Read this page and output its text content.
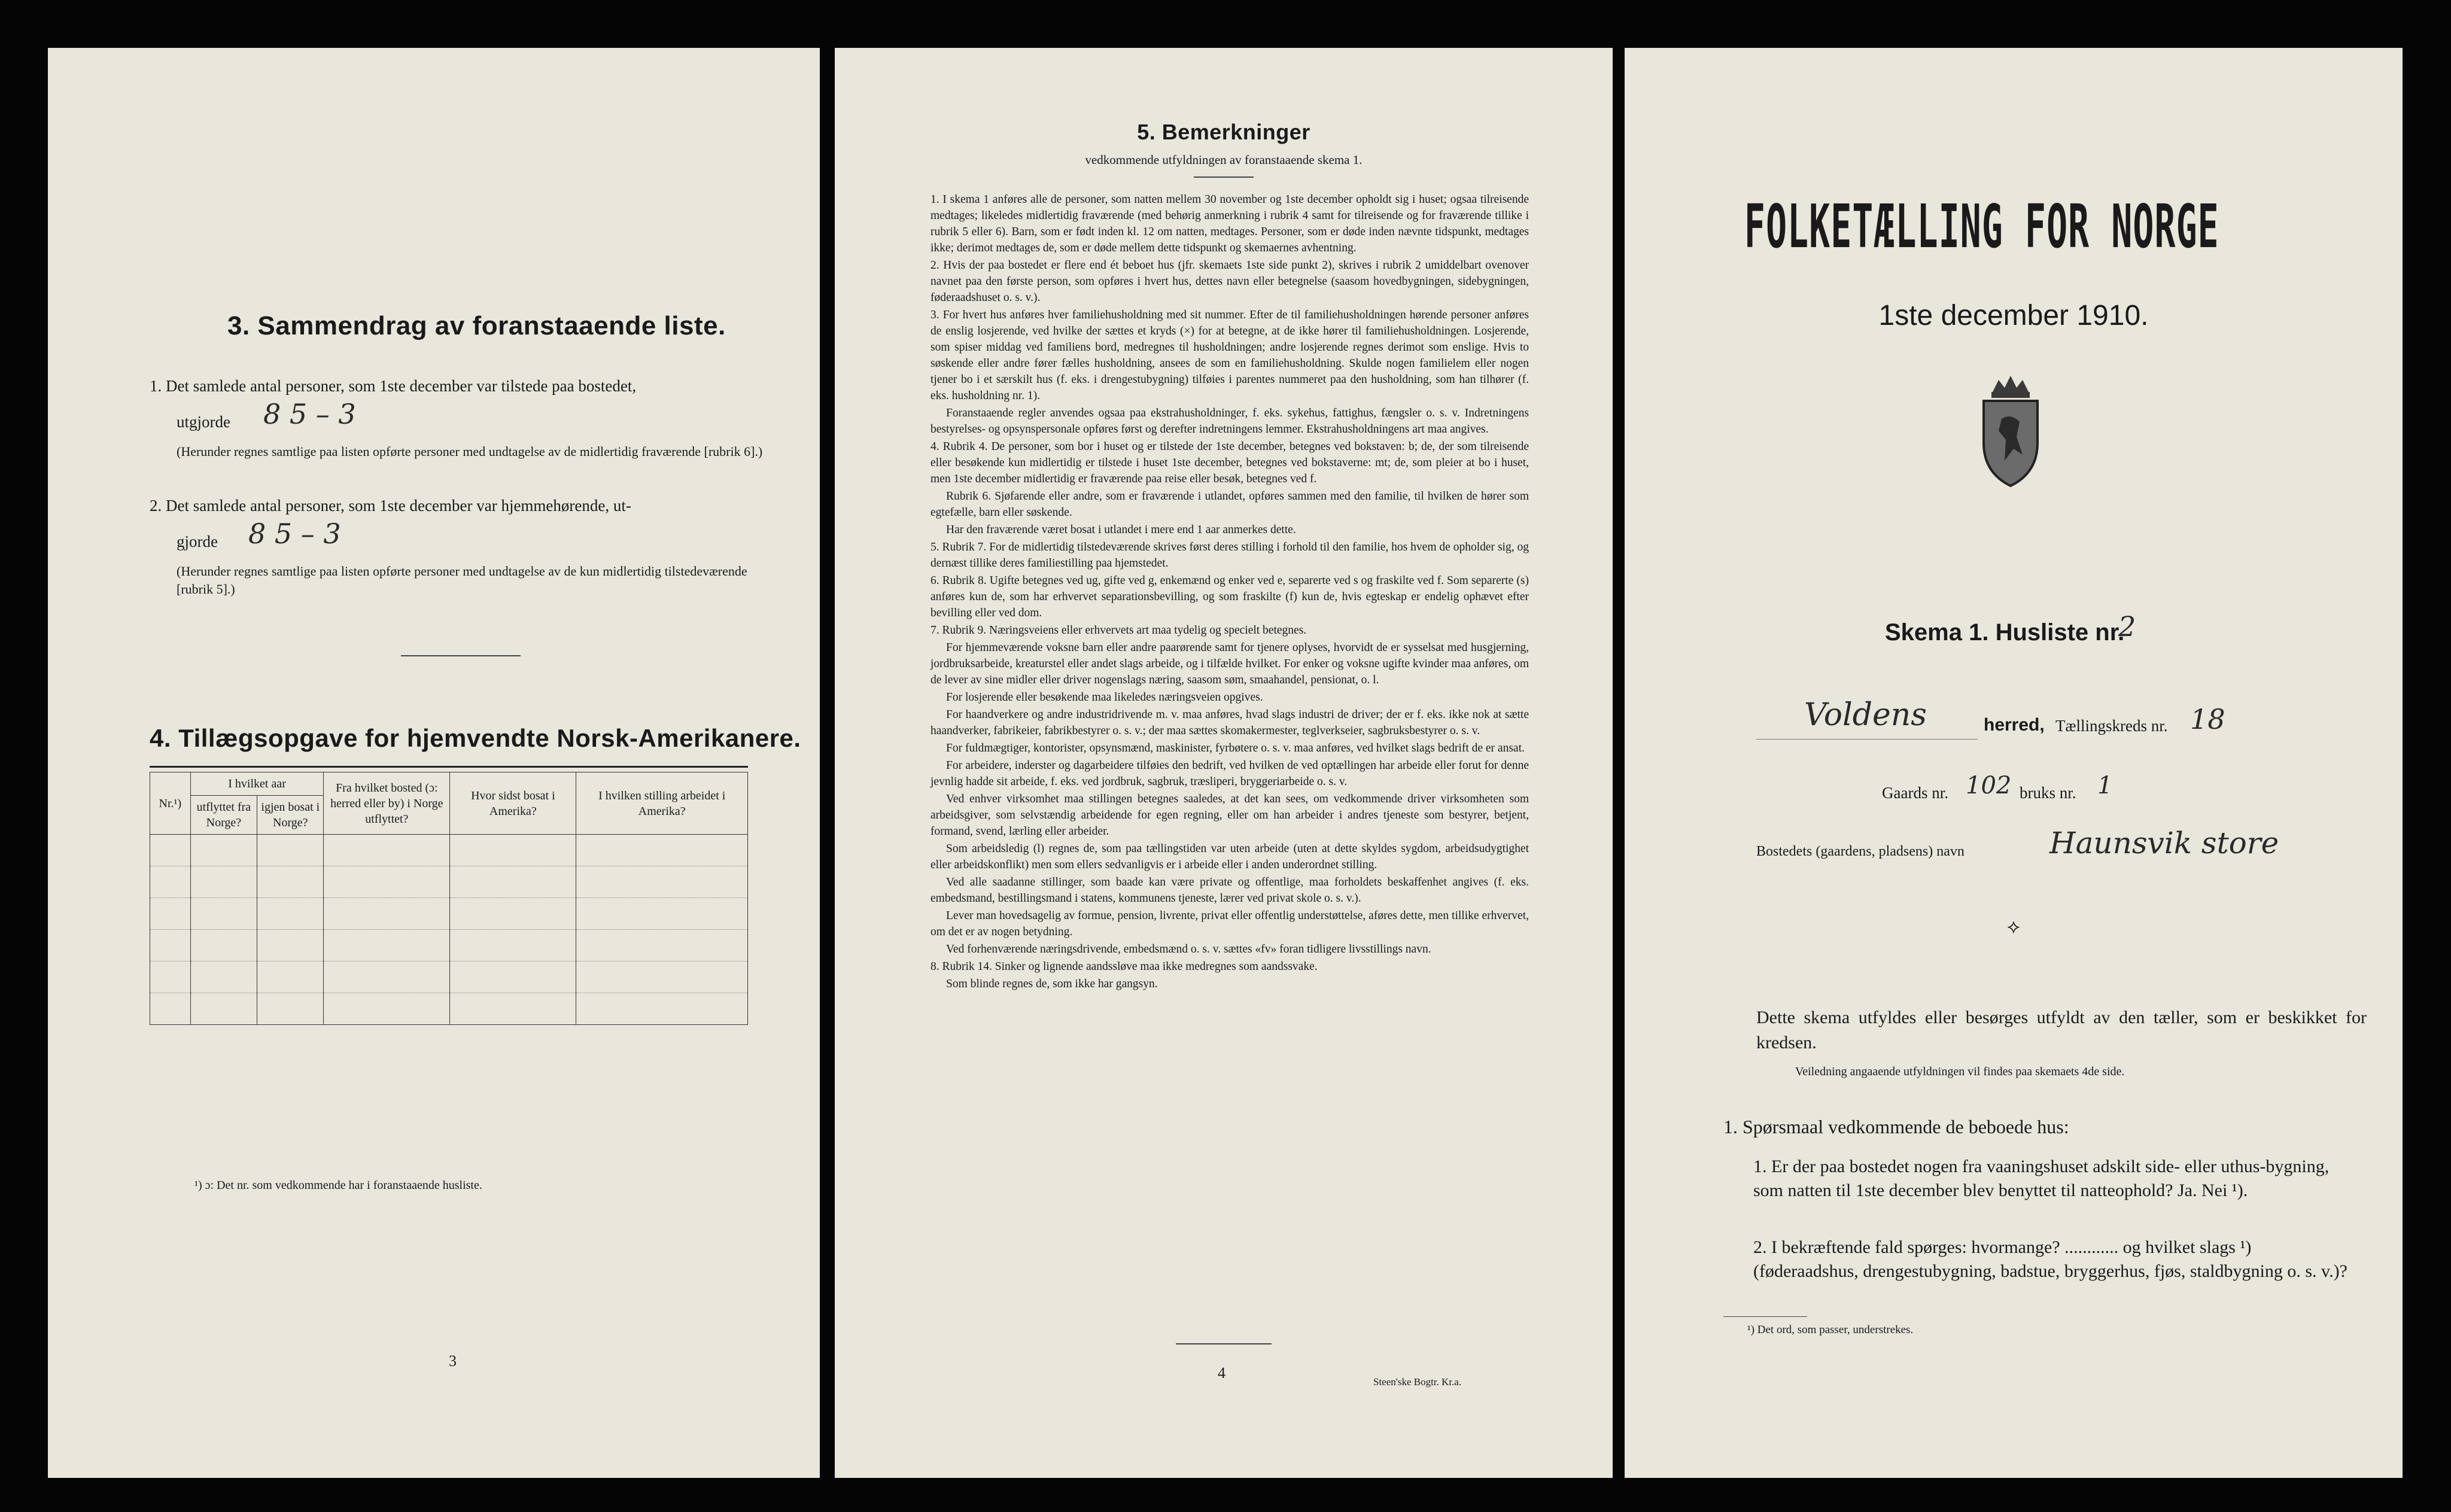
3. Sammendrag av foranstaaende liste.
1. Det samlede antal personer, som 1ste december var tilstede paa bostedet,
utgjorde 8 5 – 3
(Herunder regnes samtlige paa listen opførte personer med undtagelse av de midlertidig fraværende [rubrik 6].)
2. Det samlede antal personer, som 1ste december var hjemmehørende, ut-
gjorde 8 5 – 3
(Herunder regnes samtlige paa listen opførte personer med undtagelse av de kun midlertidig tilstedeværende [rubrik 5].)
4. Tillægsopgave for hjemvendte Norsk-Amerikanere.
Nr.¹)	I hvilket aar		Fra hvilket bosted (ɔ: herred eller by) i Norge utflyttet?	Hvor sidst bosat i Amerika?	I hvilken stilling arbeidet i Amerika?
	utflyttet fra Norge?	igjen bosat i Norge?			

¹) ɔ: Det nr. som vedkommende har i foranstaaende husliste.
3
5. Bemerkninger
vedkommende utfyldningen av foranstaaende skema 1.

1. I skema 1 anføres alle de personer, som natten mellem 30 november og 1ste december opholdt sig i huset; ogsaa tilreisende medtages; likeledes midlertidig fraværende (med behørig anmerkning i rubrik 4 samt for tilreisende og for fraværende tillike i rubrik 5 eller 6). Barn, som er født inden kl. 12 om natten, medtages. Personer, som er døde inden nævnte tidspunkt, medtages ikke; derimot medtages de, som er døde mellem dette tidspunkt og skemaernes avhentning.

2. Hvis der paa bostedet er flere end ét beboet hus (jfr. skemaets 1ste side punkt 2), skrives i rubrik 2 umiddelbart ovenover navnet paa den første person, som opføres i hvert hus, dettes navn eller betegnelse (saasom hovedbygningen, sidebygningen, føderaadshuset o. s. v.).

3. For hvert hus anføres hver familiehusholdning med sit nummer. Efter de til familiehusholdningen hørende personer anføres de enslig losjerende, ved hvilke der sættes et kryds (×) for at betegne, at de ikke hører til familiehusholdningen. Losjerende, som spiser middag ved familiens bord, medregnes til husholdningen; andre losjerende regnes derimot som enslige. Hvis to søskende eller andre fører fælles husholdning, ansees de som en familiehusholdning. Skulde nogen familielem eller nogen tjener bo i et særskilt hus (f. eks. i drengestubygning) tilføies i parentes nummeret paa den husholdning, som han tilhører (f. eks. husholdning nr. 1).

Foranstaaende regler anvendes ogsaa paa ekstrahusholdninger, f. eks. sykehus, fattighus, fængsler o. s. v. Indretningens bestyrelses- og opsynspersonale opføres først og derefter indretningens lemmer. Ekstrahusholdningens art maa angives.

4. Rubrik 4. De personer, som bor i huset og er tilstede der 1ste december, betegnes ved bokstaven: b; de, der som tilreisende eller besøkende kun midlertidig er tilstede i huset 1ste december, betegnes ved bokstaverne: mt; de, som pleier at bo i huset, men 1ste december midlertidig er fraværende paa reise eller besøk, betegnes ved f.

Rubrik 6. Sjøfarende eller andre, som er fraværende i utlandet, opføres sammen med den familie, til hvilken de hører som egtefælle, barn eller søskende.

Har den fraværende været bosat i utlandet i mere end 1 aar anmerkes dette.

5. Rubrik 7. For de midlertidig tilstedeværende skrives først deres stilling i forhold til den familie, hos hvem de opholder sig, og dernæst tillike deres familiestilling paa hjemstedet.

6. Rubrik 8. Ugifte betegnes ved ug, gifte ved g, enkemænd og enker ved e, separerte ved s og fraskilte ved f. Som separerte (s) anføres kun de, som har erhvervet separationsbevilling, og som fraskilte (f) kun de, hvis egteskap er endelig ophævet efter bevilling eller ved dom.

7. Rubrik 9. Næringsveiens eller erhvervets art maa tydelig og specielt betegnes.

For hjemmeværende voksne barn eller andre paarørende samt for tjenere oplyses, hvorvidt de er sysselsat med husgjerning, jordbruksarbeide, kreaturstel eller andet slags arbeide, og i tilfælde hvilket. For enker og voksne ugifte kvinder maa anføres, om de lever av sine midler eller driver nogenslags næring, saasom søm, smaahandel, pensionat, o. l.

For losjerende eller besøkende maa likeledes næringsveien opgives.

For haandverkere og andre industridrivende m. v. maa anføres, hvad slags industri de driver; der er f. eks. ikke nok at sætte haandverker, fabrikeier, fabrikbestyrer o. s. v.; der maa sættes skomakermester, teglverkseier, sagbruksbestyrer o. s. v.

For fuldmægtiger, kontorister, opsynsmænd, maskinister, fyrbøtere o. s. v. maa anføres, ved hvilket slags bedrift de er ansat.

For arbeidere, inderster og dagarbeidere tilføies den bedrift, ved hvilken de ved optællingen har arbeide eller forut for denne jevnlig hadde sit arbeide, f. eks. ved jordbruk, sagbruk, træsliperi, bryggeriarbeide o. s. v.

Ved enhver virksomhet maa stillingen betegnes saaledes, at det kan sees, om vedkommende driver virksomheten som arbeidsgiver, som selvstændig arbeidende for egen regning, eller om han arbeider i andres tjeneste som bestyrer, betjent, formand, svend, lærling eller arbeider.

Som arbeidsledig (l) regnes de, som paa tællingstiden var uten arbeide (uten at dette skyldes sygdom, arbeidsudygtighet eller arbeidskonflikt) men som ellers sedvanligvis er i arbeide eller i anden underordnet stilling.

Ved alle saadanne stillinger, som baade kan være private og offentlige, maa forholdets beskaffenhet angives (f. eks. embedsmand, bestillingsmand i statens, kommunens tjeneste, lærer ved privat skole o. s. v.).

Lever man hovedsagelig av formue, pension, livrente, privat eller offentlig understøttelse, aføres dette, men tillike erhvervet, om det er av nogen betydning.

Ved forhenværende næringsdrivende, embedsmænd o. s. v. sættes «fv» foran tidligere livsstillings navn.

8. Rubrik 14. Sinker og lignende aandssløve maa ikke medregnes som aandssvake.

Som blinde regnes de, som ikke har gangsyn.

4
Steen'ske Bogtr. Kr.a.
FOLKETÆLLING FOR NORGE
1ste december 1910.
Skema 1. Husliste nr.
2
Voldens	herred, Tællingskreds nr. 18
Gaards nr. 102 bruks nr. 1
Bostedets (gaardens, pladsens) navn	Haunsvik store
⟡
Dette skema utfyldes eller besørges utfyldt av den tæller, som er beskikket for kredsen.
Veiledning angaaende utfyldningen vil findes paa skemaets 4de side.
1. Spørsmaal vedkommende de beboede hus:
1. Er der paa bostedet nogen fra vaaningshuset adskilt side- eller uthus-bygning, som natten til 1ste december blev benyttet til natteophold? Ja. Nei ¹).
2. I bekræftende fald spørges: hvormange? ............ og hvilket slags ¹) (føderaadshus, drengestubygning, badstue, bryggerhus, fjøs, staldbygning o. s. v.)?
¹) Det ord, som passer, understrekes.
